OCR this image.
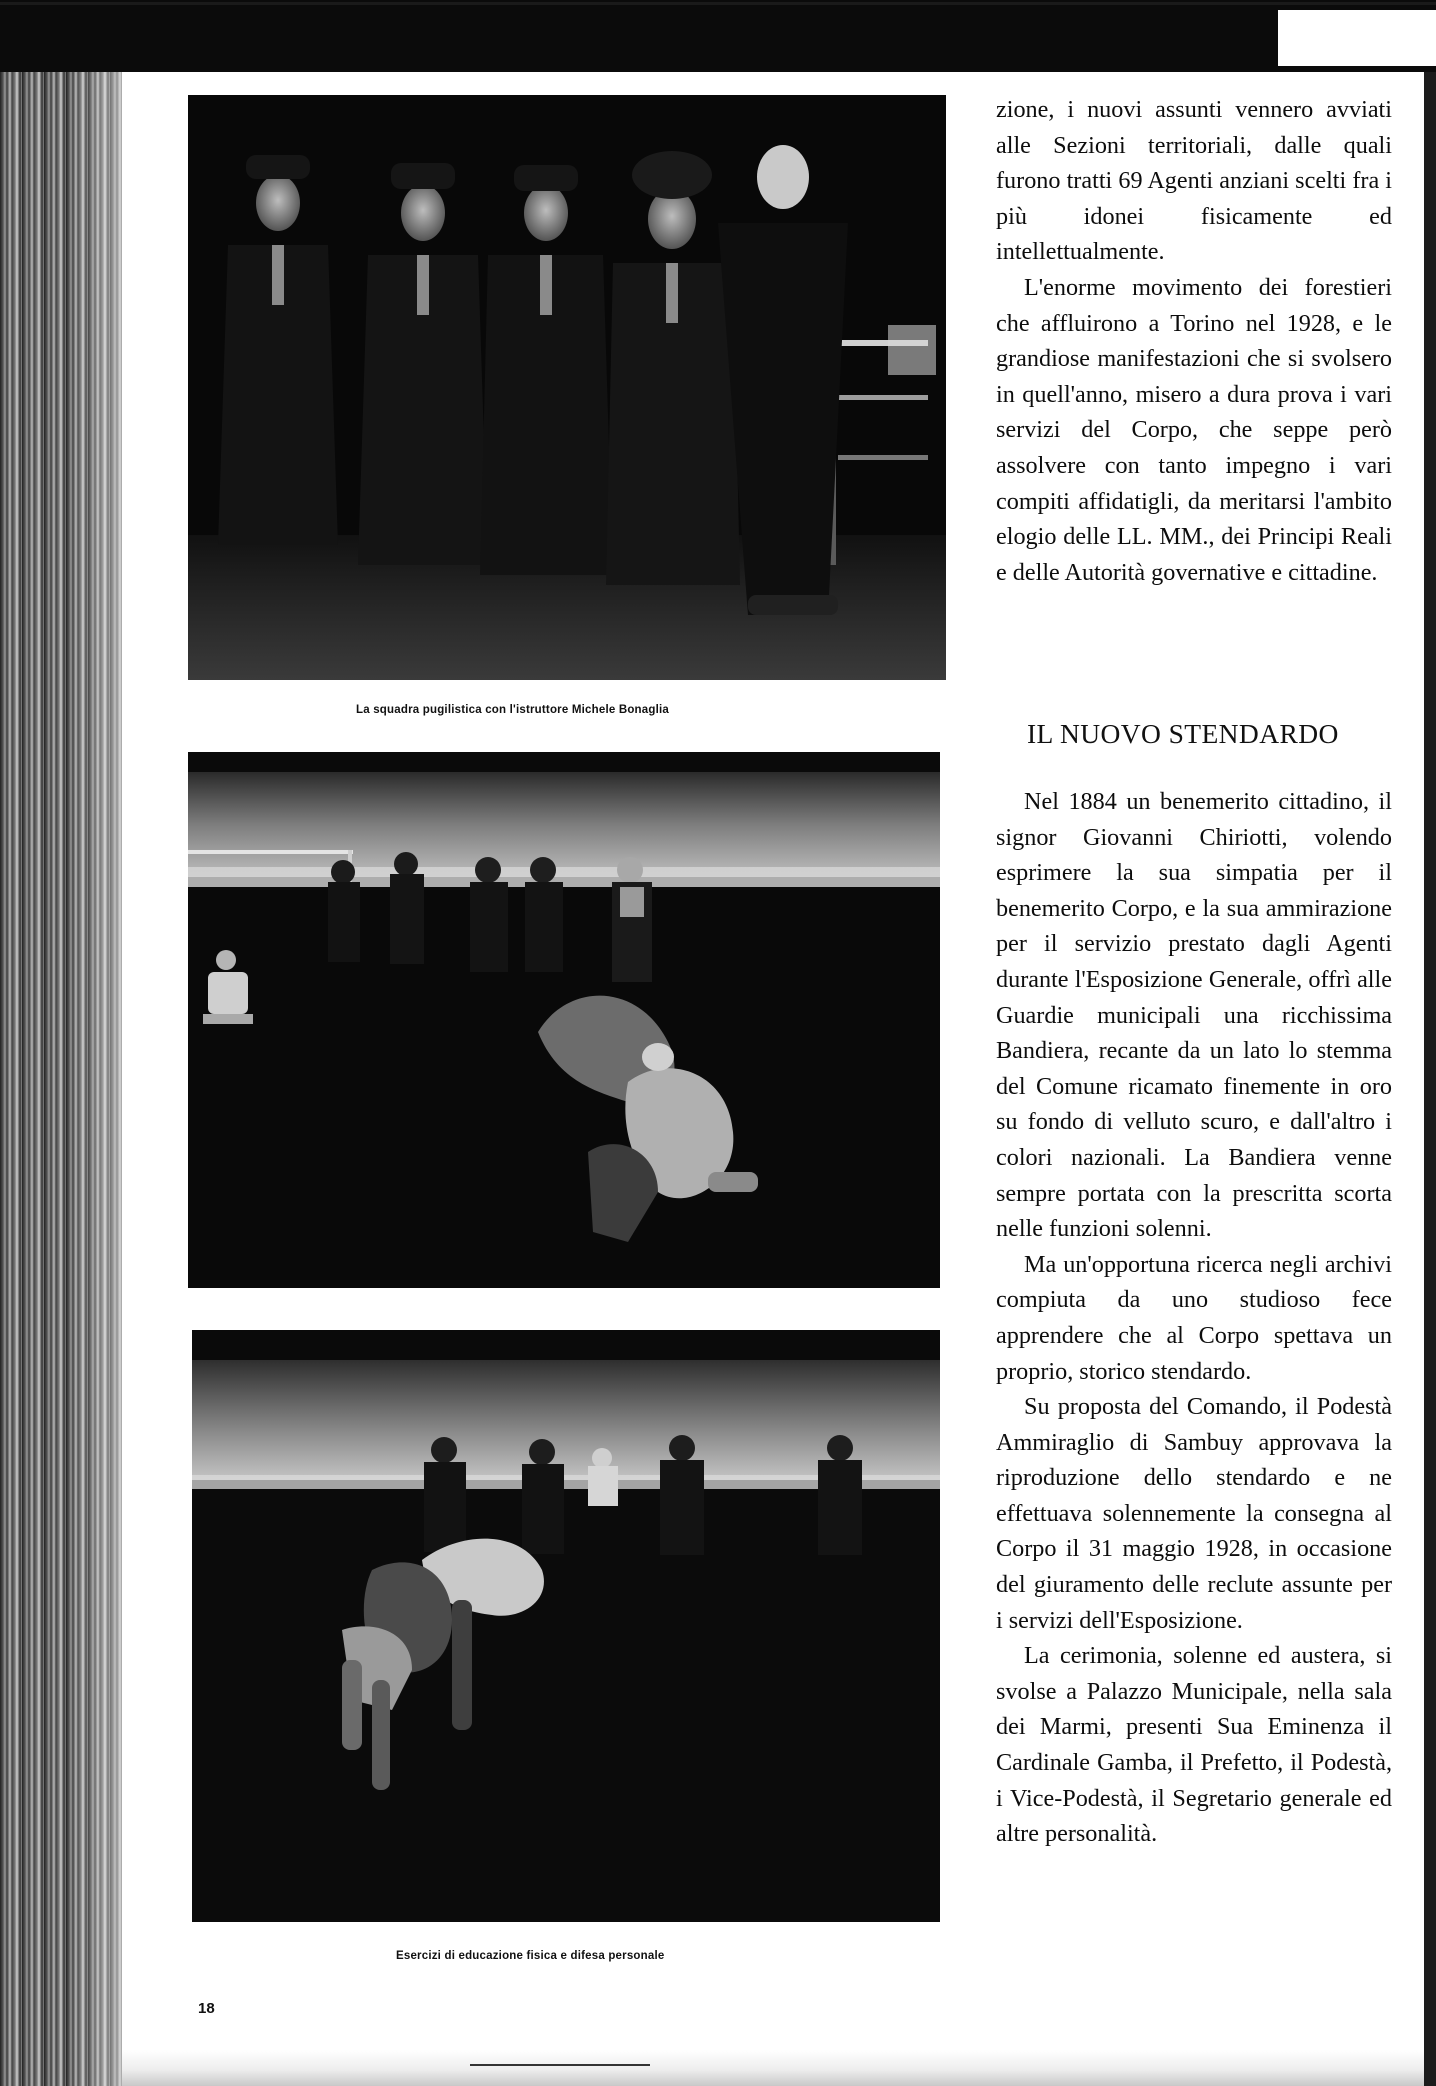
La squadra pugilistica con l'istruttore Michele Bonaglia
Esercizi di educazione fisica e difesa personale
18

zione, i nuovi assunti vennero avviati alle Sezioni territoriali, dalle quali furono tratti 69 Agenti anziani scelti fra i più idonei fisicamente ed intellettualmente.

L'enorme movimento dei forestieri che affluirono a Torino nel 1928, e le grandiose manifestazioni che si svolsero in quell'anno, misero a dura prova i vari servizi del Corpo, che seppe però assolvere con tanto impegno i vari compiti affidatigli, da meritarsi l'ambito elogio delle LL. MM., dei Principi Reali e delle Autorità governative e cittadine.

IL NUOVO STENDARDO

Nel 1884 un benemerito cittadino, il signor Giovanni Chiriotti, volendo esprimere la sua simpatia per il benemerito Corpo, e la sua ammirazione per il servizio prestato dagli Agenti durante l'Esposizione Generale, offrì alle Guardie municipali una ricchissima Bandiera, recante da un lato lo stemma del Comune ricamato finemente in oro su fondo di velluto scuro, e dall'altro i colori nazionali. La Bandiera venne sempre portata con la prescritta scorta nelle funzioni solenni.

Ma un'opportuna ricerca negli archivi compiuta da uno studioso fece apprendere che al Corpo spettava un proprio, storico stendardo.

Su proposta del Comando, il Podestà Ammiraglio di Sambuy approvava la riproduzione dello stendardo e ne effettuava solennemente la consegna al Corpo il 31 maggio 1928, in occasione del giuramento delle reclute assunte per i servizi dell'Esposizione.

La cerimonia, solenne ed austera, si svolse a Palazzo Municipale, nella sala dei Marmi, presenti Sua Eminenza il Cardinale Gamba, il Prefetto, il Podestà, i Vice-Podestà, il Segretario generale ed altre personalità.
